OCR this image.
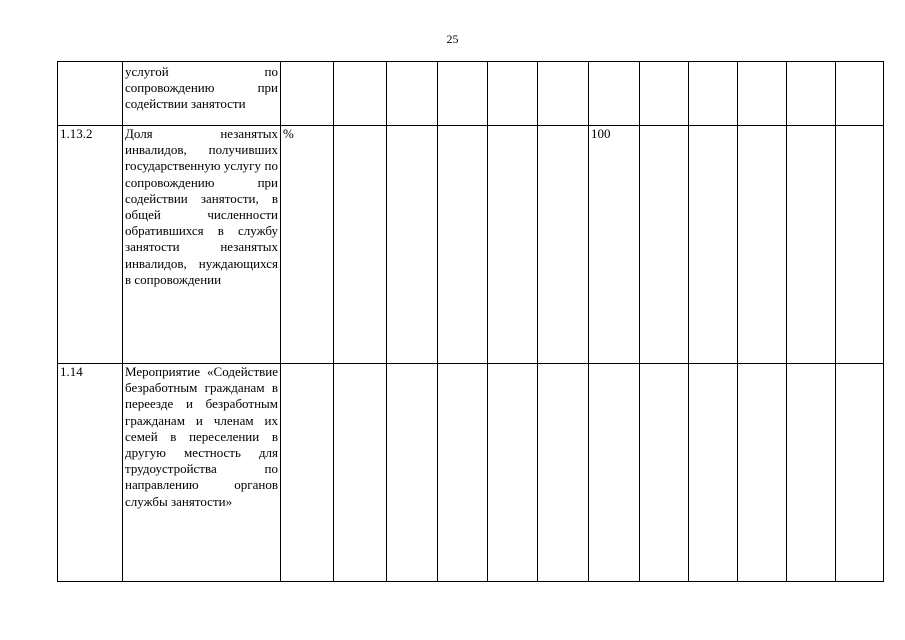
25
	услугой по сопровождению при содействии занятости												
1.13.2	Доля незанятых инвалидов, получивших государственную услугу по сопровождению при содействии занятости, в общей численности обратившихся в службу занятости незанятых инвалидов, нуждающихся в сопровождении	%						100					
1.14	Мероприятие «Содействие безработным гражданам в переезде и безработным гражданам и членам их семей в переселении в другую местность для трудоустройства по направлению органов службы занятости»												
